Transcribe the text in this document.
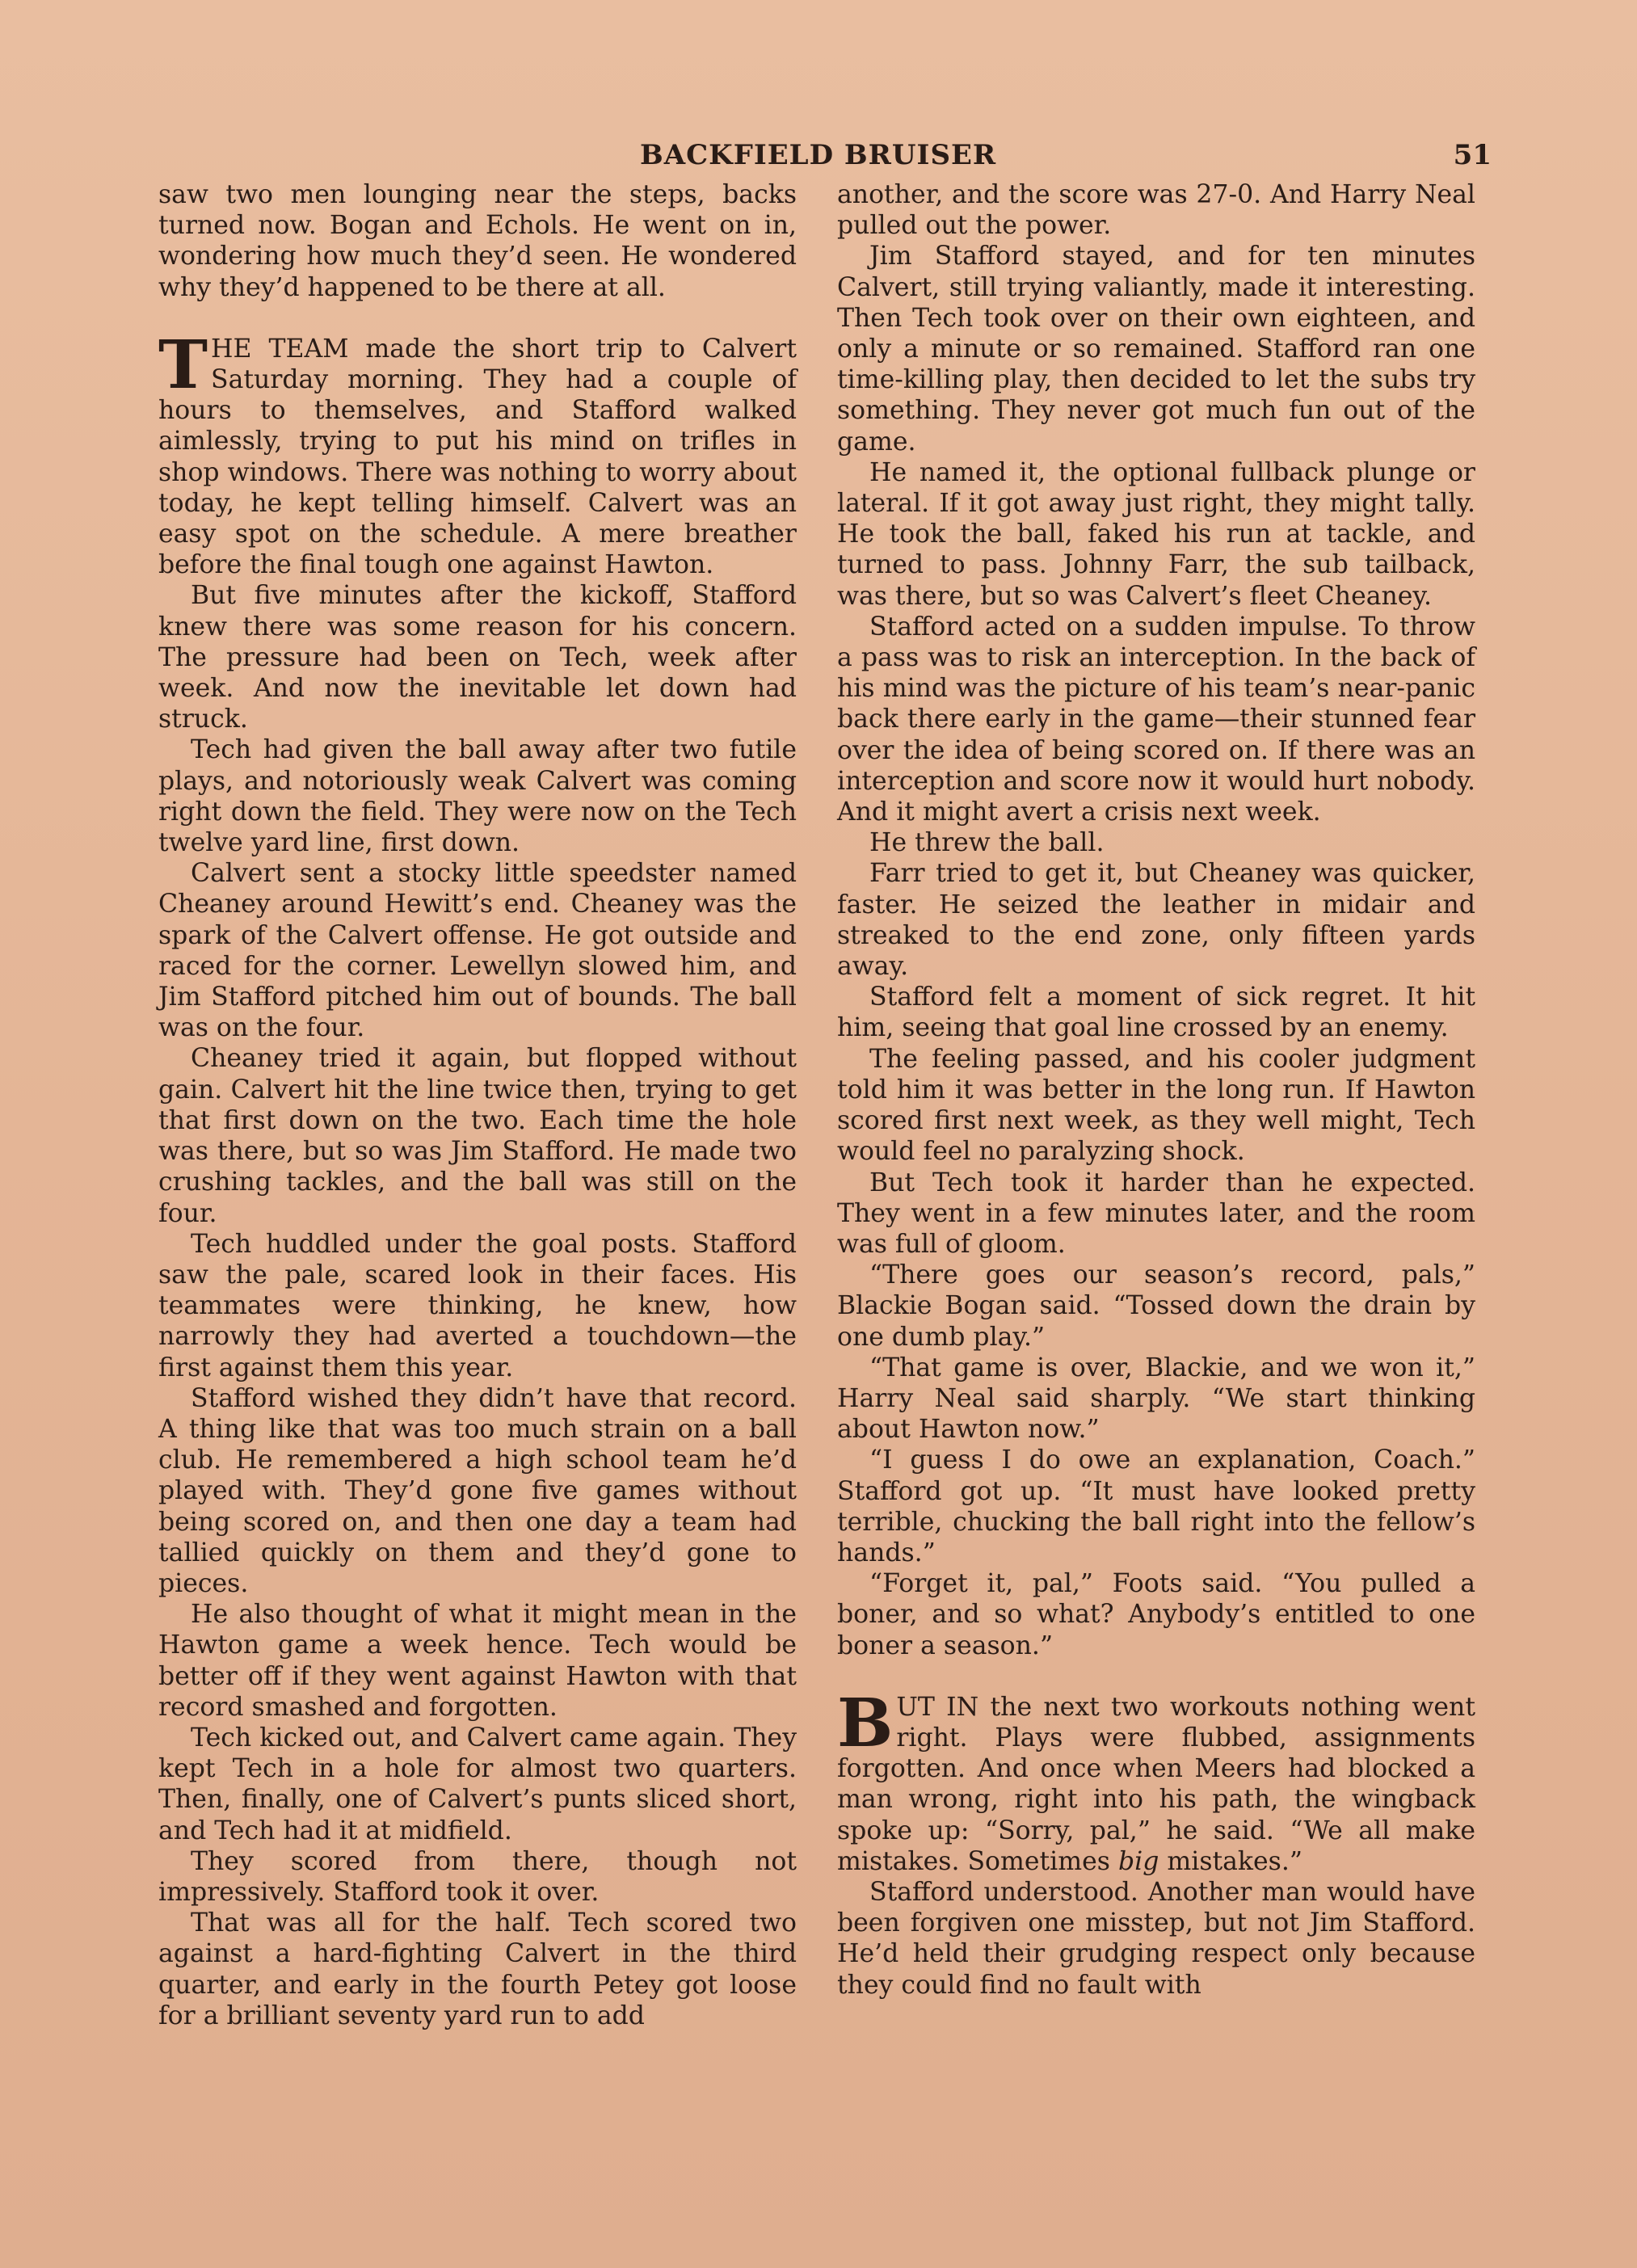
BACKFIELD BRUISER	51

saw two men lounging near the steps, backs turned now. Bogan and Echols. He went on in, wondering how much they’d seen. He wondered why they’d happened to be there at all.

THE TEAM made the short trip to Calvert Saturday morning. They had a couple of hours to themselves, and Stafford walked aimlessly, trying to put his mind on trifles in shop windows. There was nothing to worry about today, he kept telling himself. Calvert was an easy spot on the schedule. A mere breather before the final tough one against Hawton.

But five minutes after the kickoff, Stafford knew there was some reason for his concern. The pressure had been on Tech, week after week. And now the inevitable let down had struck.

Tech had given the ball away after two futile plays, and notoriously weak Calvert was coming right down the field. They were now on the Tech twelve yard line, first down.

Calvert sent a stocky little speedster named Cheaney around Hewitt’s end. Cheaney was the spark of the Calvert offense. He got outside and raced for the corner. Lewellyn slowed him, and Jim Stafford pitched him out of bounds. The ball was on the four.

Cheaney tried it again, but flopped without gain. Calvert hit the line twice then, trying to get that first down on the two. Each time the hole was there, but so was Jim Stafford. He made two crushing tackles, and the ball was still on the four.

Tech huddled under the goal posts. Stafford saw the pale, scared look in their faces. His teammates were thinking, he knew, how narrowly they had averted a touchdown—the first against them this year.

Stafford wished they didn’t have that record. A thing like that was too much strain on a ball club. He remembered a high school team he’d played with. They’d gone five games without being scored on, and then one day a team had tallied quickly on them and they’d gone to pieces.

He also thought of what it might mean in the Hawton game a week hence. Tech would be better off if they went against Hawton with that record smashed and forgotten.

Tech kicked out, and Calvert came again. They kept Tech in a hole for almost two quarters. Then, finally, one of Calvert’s punts sliced short, and Tech had it at midfield.

They scored from there, though not impressively. Stafford took it over.

That was all for the half. Tech scored two against a hard-fighting Calvert in the third quarter, and early in the fourth Petey got loose for a brilliant seventy yard run to add

another, and the score was 27-0. And Harry Neal pulled out the power.

Jim Stafford stayed, and for ten minutes Calvert, still trying valiantly, made it interesting. Then Tech took over on their own eighteen, and only a minute or so remained. Stafford ran one time-killing play, then decided to let the subs try something. They never got much fun out of the game.

He named it, the optional fullback plunge or lateral. If it got away just right, they might tally. He took the ball, faked his run at tackle, and turned to pass. Johnny Farr, the sub tailback, was there, but so was Calvert’s fleet Cheaney.

Stafford acted on a sudden impulse. To throw a pass was to risk an interception. In the back of his mind was the picture of his team’s near-panic back there early in the game—their stunned fear over the idea of being scored on. If there was an interception and score now it would hurt nobody. And it might avert a crisis next week.

He threw the ball.

Farr tried to get it, but Cheaney was quicker, faster. He seized the leather in midair and streaked to the end zone, only fifteen yards away.

Stafford felt a moment of sick regret. It hit him, seeing that goal line crossed by an enemy.

The feeling passed, and his cooler judgment told him it was better in the long run. If Hawton scored first next week, as they well might, Tech would feel no paralyzing shock.

But Tech took it harder than he expected. They went in a few minutes later, and the room was full of gloom.

“There goes our season’s record, pals,” Blackie Bogan said. “Tossed down the drain by one dumb play.”

“That game is over, Blackie, and we won it,” Harry Neal said sharply. “We start thinking about Hawton now.”

“I guess I do owe an explanation, Coach.” Stafford got up. “It must have looked pretty terrible, chucking the ball right into the fellow’s hands.”

“Forget it, pal,” Foots said. “You pulled a boner, and so what? Anybody’s entitled to one boner a season.”

BUT IN the next two workouts nothing went right. Plays were flubbed, assignments forgotten. And once when Meers had blocked a man wrong, right into his path, the wingback spoke up: “Sorry, pal,” he said. “We all make mistakes. Sometimes big mistakes.”

Stafford understood. Another man would have been forgiven one misstep, but not Jim Stafford. He’d held their grudging respect only because they could find no fault with
